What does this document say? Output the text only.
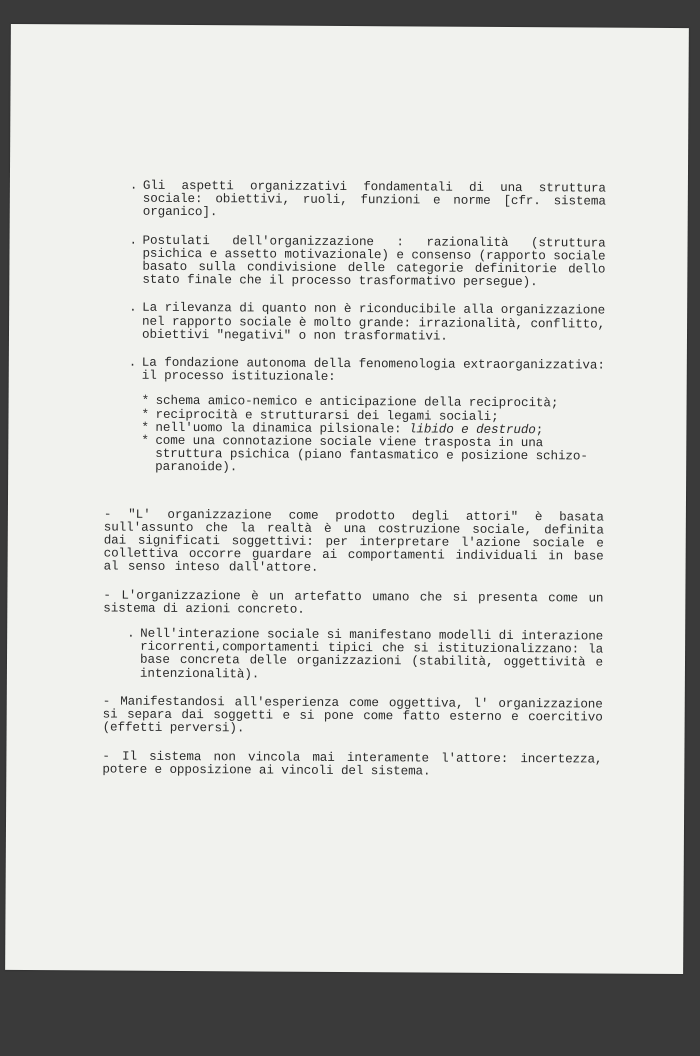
. Gli aspetti organizzativi fondamentali di una struttura sociale: obiettivi, ruoli, funzioni e norme [cfr. sistema organico].
. Postulati dell'organizzazione : razionalità (struttura psichica e assetto motivazionale) e consenso (rapporto sociale basato sulla condivisione delle categorie definitorie dello stato finale che il processo trasformativo persegue).
. La rilevanza di quanto non è riconducibile alla organizzazione nel rapporto sociale è molto grande: irrazionalità, conflitto, obiettivi "negativi" o non trasformativi.
. La fondazione autonoma della fenomenologia extraorganizzativa: il processo istituzionale:
* schema amico-nemico e anticipazione della reciprocità;
* reciprocità e strutturarsi dei legami sociali;
* nell'uomo la dinamica pilsionale: libido e destrudo;
* come una connotazione sociale viene trasposta in una struttura psichica (piano fantasmatico e posizione schizo-paranoide).

- "L' organizzazione come prodotto degli attori" è basata sull'assunto che la realtà è una costruzione sociale, definita dai significati soggettivi: per interpretare l'azione sociale e collettiva occorre guardare ai comportamenti individuali in base al senso inteso dall'attore.

- L'organizzazione è un artefatto umano che si presenta come un sistema di azioni concreto.

. Nell'interazione sociale si manifestano modelli di interazione ricorrenti,comportamenti tipici che si istituzionalizzano: la base concreta delle organizzazioni (stabilità, oggettività e intenzionalità).

- Manifestandosi all'esperienza come oggettiva, l' organizzazione si separa dai soggetti e si pone come fatto esterno e coercitivo (effetti perversi).

- Il sistema non vincola mai interamente l'attore: incertezza, potere e opposizione ai vincoli del sistema.
